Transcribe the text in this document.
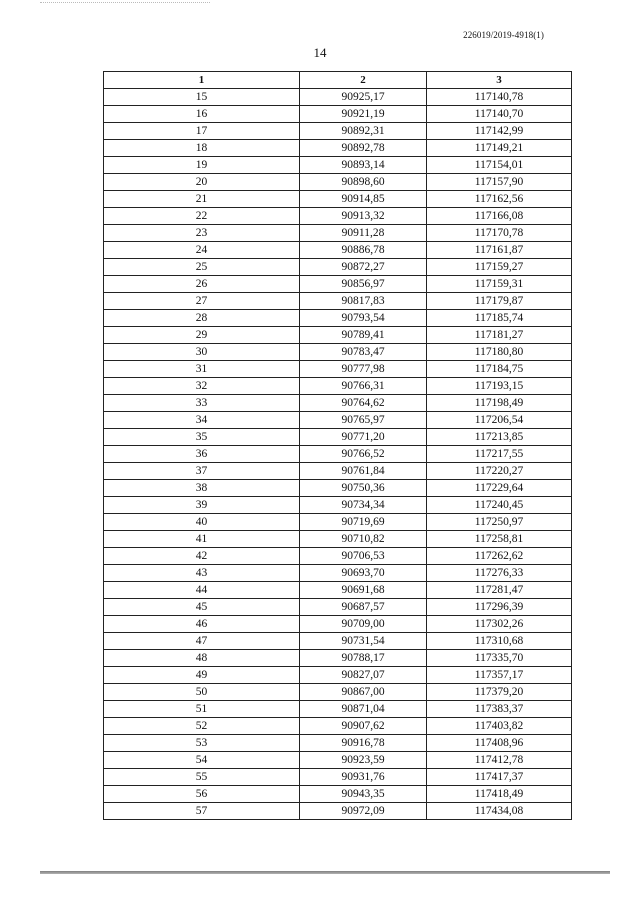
226019/2019-4918(1)
14
1	2	3
15	90925,17	117140,78
16	90921,19	117140,70
17	90892,31	117142,99
18	90892,78	117149,21
19	90893,14	117154,01
20	90898,60	117157,90
21	90914,85	117162,56
22	90913,32	117166,08
23	90911,28	117170,78
24	90886,78	117161,87
25	90872,27	117159,27
26	90856,97	117159,31
27	90817,83	117179,87
28	90793,54	117185,74
29	90789,41	117181,27
30	90783,47	117180,80
31	90777,98	117184,75
32	90766,31	117193,15
33	90764,62	117198,49
34	90765,97	117206,54
35	90771,20	117213,85
36	90766,52	117217,55
37	90761,84	117220,27
38	90750,36	117229,64
39	90734,34	117240,45
40	90719,69	117250,97
41	90710,82	117258,81
42	90706,53	117262,62
43	90693,70	117276,33
44	90691,68	117281,47
45	90687,57	117296,39
46	90709,00	117302,26
47	90731,54	117310,68
48	90788,17	117335,70
49	90827,07	117357,17
50	90867,00	117379,20
51	90871,04	117383,37
52	90907,62	117403,82
53	90916,78	117408,96
54	90923,59	117412,78
55	90931,76	117417,37
56	90943,35	117418,49
57	90972,09	117434,08
